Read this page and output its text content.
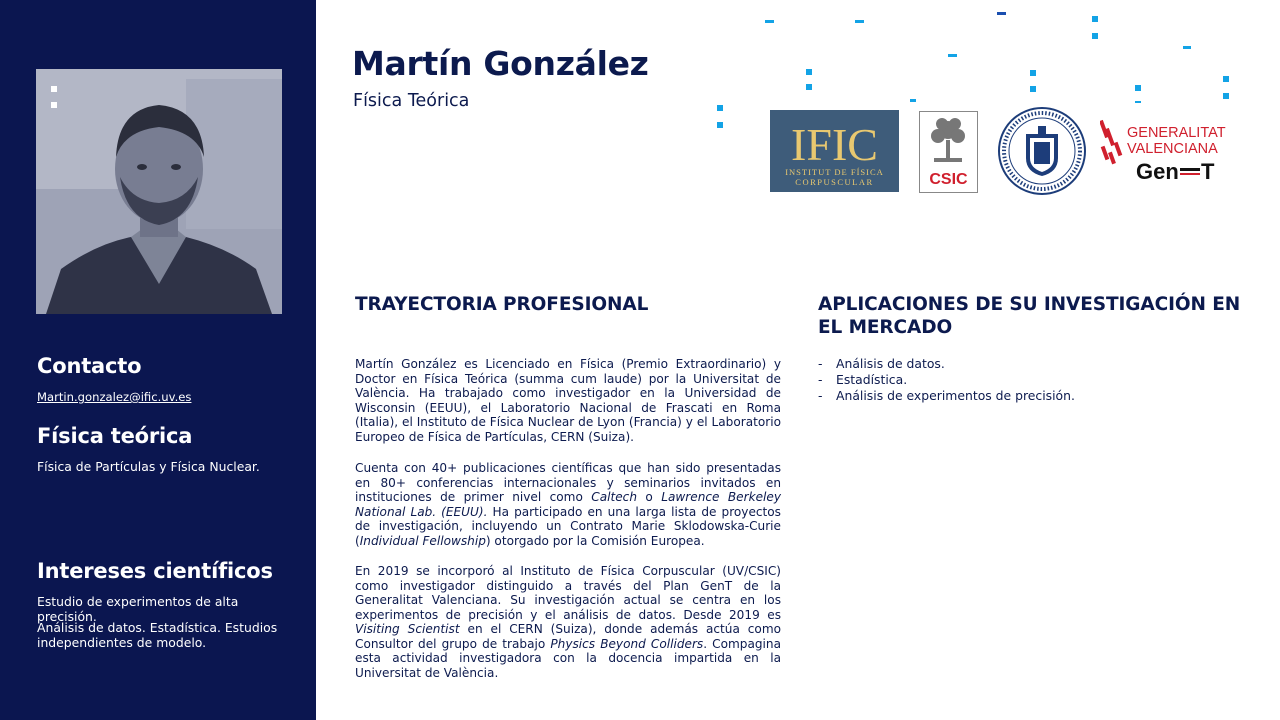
Contacto
Martin.gonzalez@ific.uv.es
Física teórica
Física de Partículas y Física Nuclear.
Intereses científicos
Estudio de experimentos de alta precisión.
Análisis de datos. Estadística. Estudios independientes de modelo.
Martín González
Física Teórica
IFIC
INSTITUT DE FÍSICA
CORPUSCULAR	CSIC
GENERALITAT
VALENCIANA
Gen T
TRAYECTORIA PROFESIONAL

Martín González es Licenciado en Física (Premio Extraordinario) y Doctor en Física Teórica (summa cum laude) por la Universitat de València. Ha trabajado como investigador en la Universidad de Wisconsin (EEUU), el Laboratorio Nacional de Frascati en Roma (Italia), el Instituto de Física Nuclear de Lyon (Francia) y el Laboratorio Europeo de Física de Partículas, CERN (Suiza).

Cuenta con 40+ publicaciones científicas que han sido presentadas en 80+ conferencias internacionales y seminarios invitados en instituciones de primer nivel como Caltech o Lawrence Berkeley National Lab. (EEUU). Ha participado en una larga lista de proyectos de investigación, incluyendo un Contrato Marie Sklodowska-Curie (Individual Fellowship) otorgado por la Comisión Europea.

En 2019 se incorporó al Instituto de Física Corpuscular (UV/CSIC) como investigador distinguido a través del Plan GenT de la Generalitat Valenciana. Su investigación actual se centra en los experimentos de precisión y el análisis de datos. Desde 2019 es Visiting Scientist en el CERN (Suiza), donde además actúa como Consultor del grupo de trabajo Physics Beyond Colliders. Compagina esta actividad investigadora con la docencia impartida en la Universitat de València.

APLICACIONES DE SU INVESTIGACIÓN EN EL MERCADO
- Análisis de datos.
- Estadística.
- Análisis de experimentos de precisión.
